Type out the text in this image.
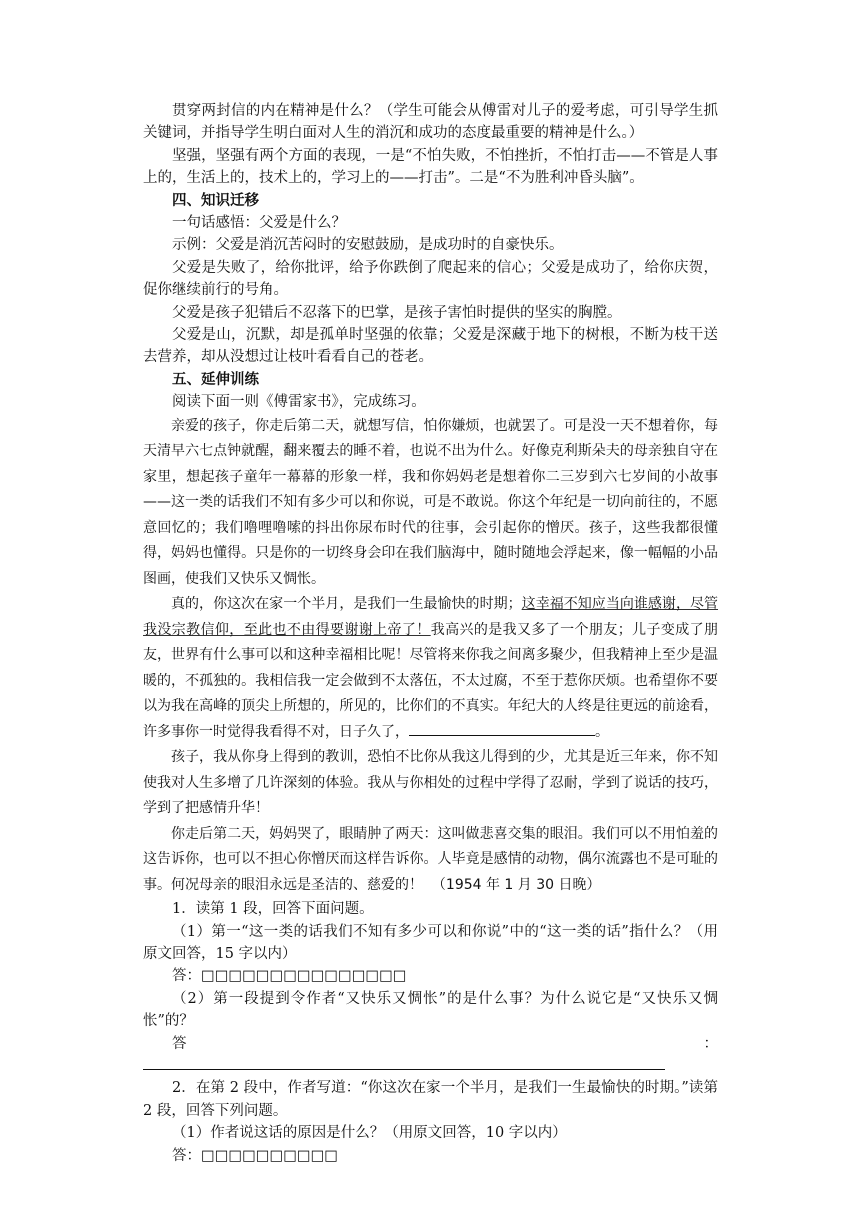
贯穿两封信的内在精神是什么？（学生可能会从傅雷对儿子的爱考虑，可引导学生抓关键词，并指导学生明白面对人生的消沉和成功的态度最重要的精神是什么。）

坚强，坚强有两个方面的表现，一是“不怕失败，不怕挫折，不怕打击——不管是人事上的，生活上的，技术上的，学习上的——打击”。二是“不为胜利冲昏头脑”。

四、知识迁移

一句话感悟：父爱是什么？

示例：父爱是消沉苦闷时的安慰鼓励，是成功时的自豪快乐。

父爱是失败了，给你批评，给予你跌倒了爬起来的信心；父爱是成功了，给你庆贺，促你继续前行的号角。

父爱是孩子犯错后不忍落下的巴掌，是孩子害怕时提供的坚实的胸膛。

父爱是山，沉默，却是孤单时坚强的依靠；父爱是深藏于地下的树根，不断为枝干送去营养，却从没想过让枝叶看看自己的苍老。

五、延伸训练

阅读下面一则《傅雷家书》，完成练习。

亲爱的孩子，你走后第二天，就想写信，怕你嫌烦，也就罢了。可是没一天不想着你，每天清早六七点钟就醒，翻来覆去的睡不着，也说不出为什么。好像克利斯朵夫的母亲独自守在家里，想起孩子童年一幕幕的形象一样，我和你妈妈老是想着你二三岁到六七岁间的小故事——这一类的话我们不知有多少可以和你说，可是不敢说。你这个年纪是一切向前往的，不愿意回忆的；我们噜哩噜嗦的抖出你尿布时代的往事，会引起你的憎厌。孩子，这些我都很懂得，妈妈也懂得。只是你的一切终身会印在我们脑海中，随时随地会浮起来，像一幅幅的小品图画，使我们又快乐又惆怅。

真的，你这次在家一个半月，是我们一生最愉快的时期；这幸福不知应当向谁感谢，尽管我没宗教信仰，至此也不由得要谢谢上帝了！我高兴的是我又多了一个朋友；儿子变成了朋友，世界有什么事可以和这种幸福相比呢！尽管将来你我之间离多聚少，但我精神上至少是温暖的，不孤独的。我相信我一定会做到不太落伍，不太过腐，不至于惹你厌烦。也希望你不要以为我在高峰的顶尖上所想的，所见的，比你们的不真实。年纪大的人终是往更远的前途看，许多事你一时觉得我看得不对，日子久了，	。

孩子，我从你身上得到的教训，恐怕不比你从我这儿得到的少，尤其是近三年来，你不知使我对人生多增了几许深刻的体验。我从与你相处的过程中学得了忍耐，学到了说话的技巧，学到了把感情升华！

你走后第二天，妈妈哭了，眼睛肿了两天：这叫做悲喜交集的眼泪。我们可以不用怕羞的这告诉你，也可以不担心你憎厌而这样告诉你。人毕竟是感情的动物，偶尔流露也不是可耻的事。何况母亲的眼泪永远是圣洁的、慈爱的！ （1954 年 1 月 30 日晚）

1．读第 1 段，回答下面问题。

（1）第一“这一类的话我们不知有多少可以和你说”中的“这一类的话”指什么？（用原文回答，15 字以内）

答：□□□□□□□□□□□□□□□

（2）第一段提到令作者“又快乐又惆怅”的是什么事？为什么说它是“又快乐又惆怅”的？

答：

2．在第 2 段中，作者写道：“你这次在家一个半月，是我们一生最愉快的时期。”读第 2 段，回答下列问题。

（1）作者说这话的原因是什么？（用原文回答，10 字以内）

答：□□□□□□□□□□
